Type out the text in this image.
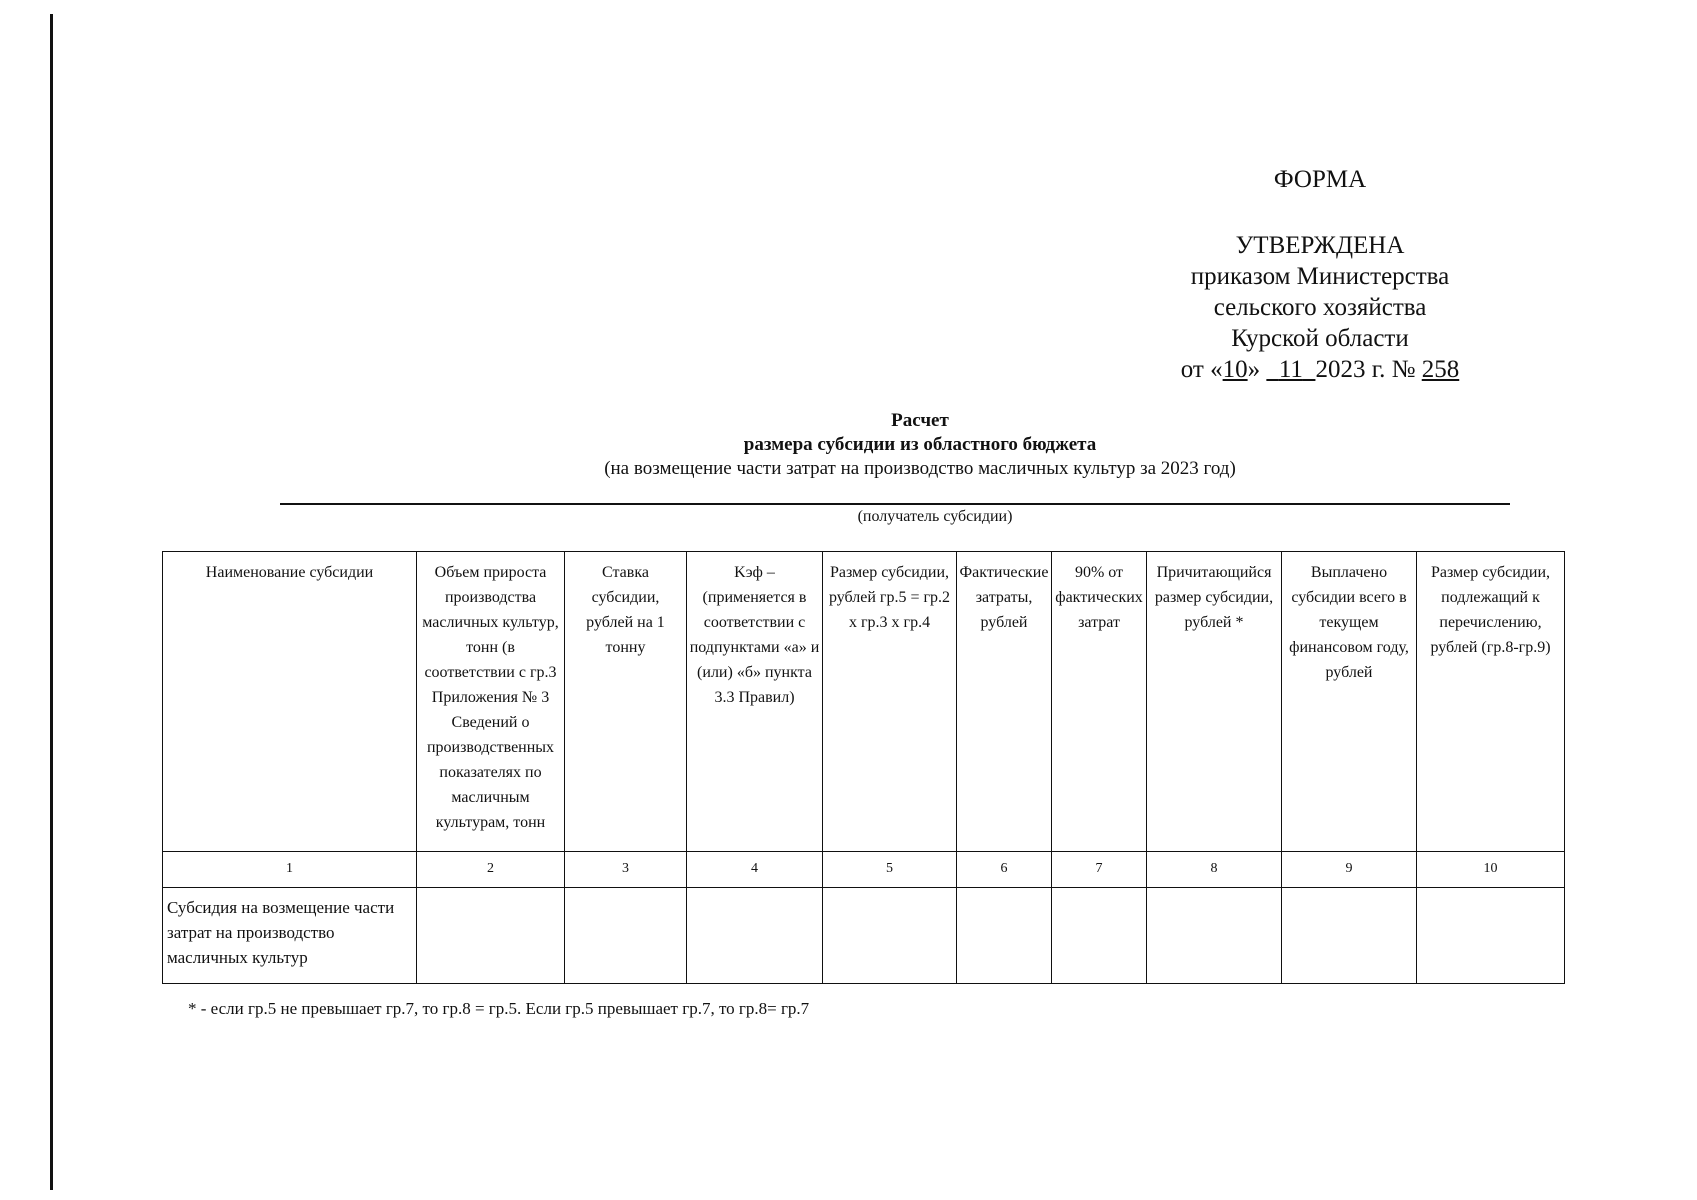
ФОРМА
УТВЕРЖДЕНА
приказом Министерства
сельского хозяйства
Курской области
от «10» 11 2023 г. № 258
Расчет
размера субсидии из областного бюджета
(на возмещение части затрат на производство масличных культур за 2023 год)
(получатель субсидии)
Наименование субсидии	Объем прироста производства масличных культур, тонн (в соответствии с гр.3 Приложения № 3 Сведений о производственных показателях по масличным культурам, тонн	Ставка субсидии, рублей на 1 тонну	Kэф – (применяется в соответствии с подпунктами «а» и (или) «б» пункта 3.3 Правил)	Размер субсидии, рублей гр.5 = гр.2 х гр.3 х гр.4	Фактические затраты, рублей	90% от фактических затрат	Причитающийся размер субсидии, рублей *	Выплачено субсидии всего в текущем финансовом году, рублей	Размер субсидии, подлежащий к перечислению, рублей (гр.8-гр.9)
1	2	3	4	5	6	7	8	9	10
Субсидия на возмещение части затрат на производство масличных культур									
* - если гр.5 не превышает гр.7, то гр.8 = гр.5. Если гр.5 превышает гр.7, то гр.8= гр.7
